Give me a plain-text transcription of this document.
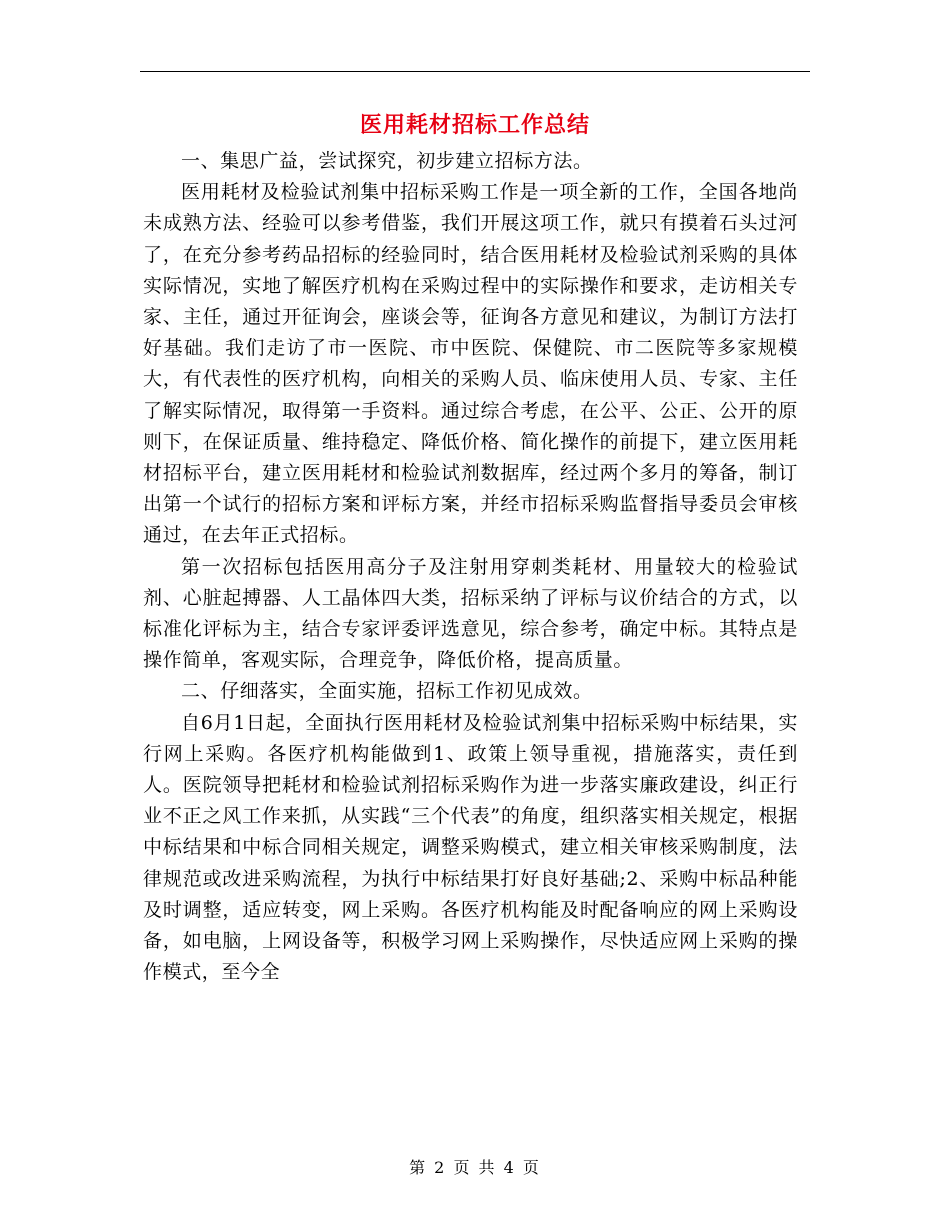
医用耗材招标工作总结

一、集思广益，尝试探究，初步建立招标方法。

医用耗材及检验试剂集中招标采购工作是一项全新的工作，全国各地尚未成熟方法、经验可以参考借鉴，我们开展这项工作，就只有摸着石头过河了，在充分参考药品招标的经验同时，结合医用耗材及检验试剂采购的具体实际情况，实地了解医疗机构在采购过程中的实际操作和要求，走访相关专家、主任，通过开征询会，座谈会等，征询各方意见和建议，为制订方法打好基础。我们走访了市一医院、市中医院、保健院、市二医院等多家规模大，有代表性的医疗机构，向相关的采购人员、临床使用人员、专家、主任了解实际情况，取得第一手资料。通过综合考虑，在公平、公正、公开的原则下，在保证质量、维持稳定、降低价格、简化操作的前提下，建立医用耗材招标平台，建立医用耗材和检验试剂数据库，经过两个多月的筹备，制订出第一个试行的招标方案和评标方案，并经市招标采购监督指导委员会审核通过，在去年正式招标。

第一次招标包括医用高分子及注射用穿刺类耗材、用量较大的检验试剂、心脏起搏器、人工晶体四大类，招标采纳了评标与议价结合的方式，以标准化评标为主，结合专家评委评选意见，综合参考，确定中标。其特点是操作简单，客观实际，合理竞争，降低价格，提高质量。

二、仔细落实，全面实施，招标工作初见成效。

自6月1日起，全面执行医用耗材及检验试剂集中招标采购中标结果，实行网上采购。各医疗机构能做到1、政策上领导重视，措施落实，责任到人。医院领导把耗材和检验试剂招标采购作为进一步落实廉政建设，纠正行业不正之风工作来抓，从实践“三个代表”的角度，组织落实相关规定，根据中标结果和中标合同相关规定，调整采购模式，建立相关审核采购制度，法律规范或改进采购流程，为执行中标结果打好良好基础;2、采购中标品种能及时调整，适应转变，网上采购。各医疗机构能及时配备响应的网上采购设备，如电脑，上网设备等，积极学习网上采购操作，尽快适应网上采购的操作模式，至今全

第 2 页 共 4 页
